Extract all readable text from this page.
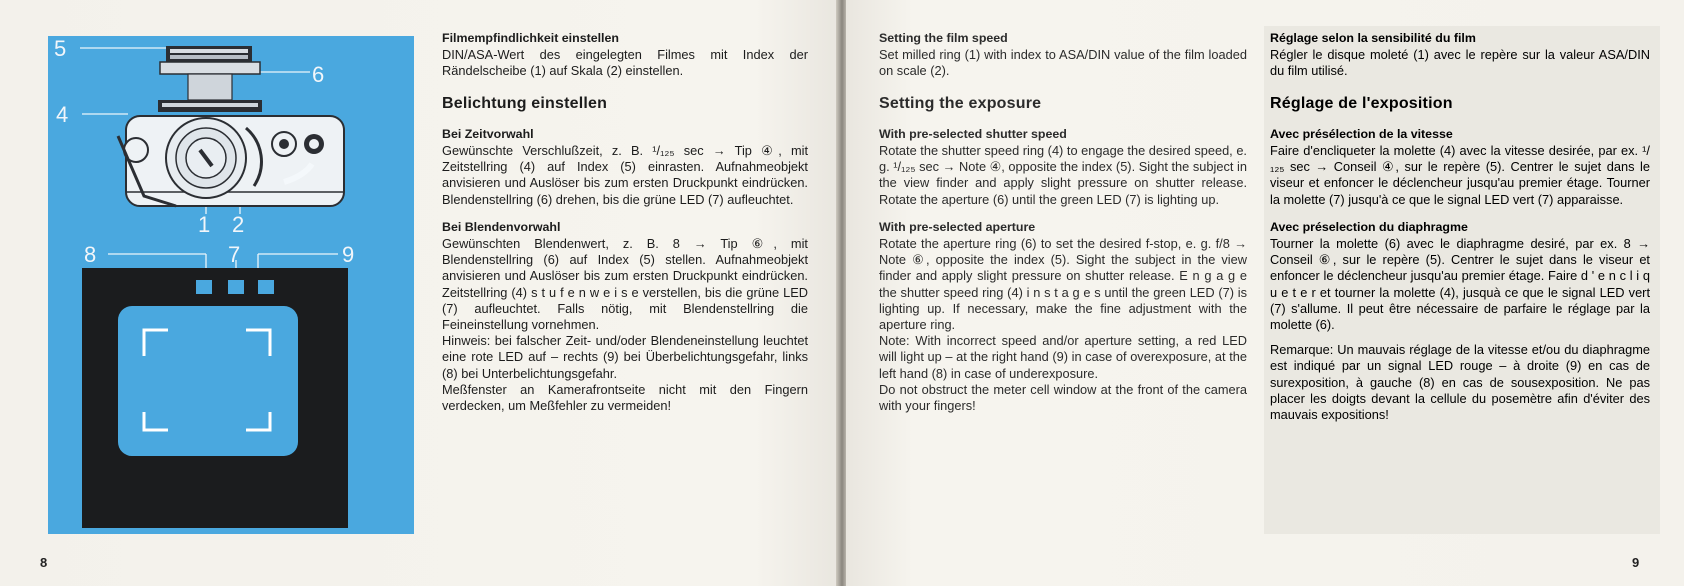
5
6
4
1 2
8	7	9
Filmempfindlichkeit einstellen

DIN/ASA-Wert des eingelegten Filmes mit Index der Rändelscheibe (1) auf Skala (2) einstellen.

Belichtung einstellen
Bei Zeitvorwahl

Gewünschte Verschlußzeit, z. B. ¹/₁₂₅ sec → Tip ④, mit Zeitstellring (4) auf Index (5) einrasten. Aufnahmeobjekt anvisieren und Auslöser bis zum ersten Druckpunkt eindrücken. Blendenstellring (6) drehen, bis die grüne LED (7) aufleuchtet.

Bei Blendenvorwahl

Gewünschten Blendenwert, z. B. 8 → Tip ⑥, mit Blendenstellring (6) auf Index (5) stellen. Aufnahmeobjekt anvisieren und Auslöser bis zum ersten Druckpunkt eindrücken. Zeitstellring (4) s t u f e n w e i s e verstellen, bis die grüne LED (7) aufleuchtet. Falls nötig, mit Blendenstellring die Feineinstellung vornehmen.

Hinweis: bei falscher Zeit- und/oder Blendeneinstellung leuchtet eine rote LED auf – rechts (9) bei Überbelichtungsgefahr, links (8) bei Unterbelichtungsgefahr.

Meßfenster an Kamerafrontseite nicht mit den Fingern verdecken, um Meßfehler zu vermeiden!

8	9
Setting the film speed

Set milled ring (1) with index to ASA/DIN value of the film loaded on scale (2).

Setting the exposure
With pre-selected shutter speed

Rotate the shutter speed ring (4) to engage the desired speed, e. g. ¹/₁₂₅ sec → Note ④, opposite the index (5). Sight the subject in the view finder and apply slight pressure on shutter release. Rotate the aperture (6) until the green LED (7) is lighting up.

With pre-selected aperture

Rotate the aperture ring (6) to set the desired f-stop, e. g. f/8 → Note ⑥, opposite the index (5). Sight the subject in the view finder and apply slight pressure on shutter release. E n g a g e the shutter speed ring (4) i n s t a g e s until the green LED (7) is lighting up. If necessary, make the fine adjustment with the aperture ring.

Note: With incorrect speed and/or aperture setting, a red LED will light up – at the right hand (9) in case of overexposure, at the left hand (8) in case of underexposure.

Do not obstruct the meter cell window at the front of the camera with your fingers!

Réglage selon la sensibilité du film

Régler le disque moleté (1) avec le repère sur la valeur ASA/DIN du film utilisé.

Réglage de l'exposition
Avec présélection de la vitesse

Faire d'encliqueter la molette (4) avec la vitesse desirée, par ex. ¹/₁₂₅ sec → Conseil ④, sur le repère (5). Centrer le sujet dans le viseur et enfoncer le déclencheur jusqu'au premier étage. Tourner la molette (7) jusqu'à ce que le signal LED vert (7) apparaisse.

Avec préselection du diaphragme

Tourner la molette (6) avec le diaphragme desiré, par ex. 8 → Conseil ⑥, sur le repère (5). Centrer le sujet dans le viseur et enfoncer le déclencheur jusqu'au premier étage. Faire d ' e n c l i q u e t e r et tourner la molette (4), jusquà ce que le signal LED vert (7) s'allume. Il peut être nécessaire de parfaire le réglage par la molette (6).

Remarque: Un mauvais réglage de la vitesse et/ou du diaphragme est indiqué par un signal LED rouge – à droite (9) en cas de surexposition, à gauche (8) en cas de sousexposition. Ne pas placer les doigts devant la cellule du posemètre afin d'éviter des mauvais expositions!
